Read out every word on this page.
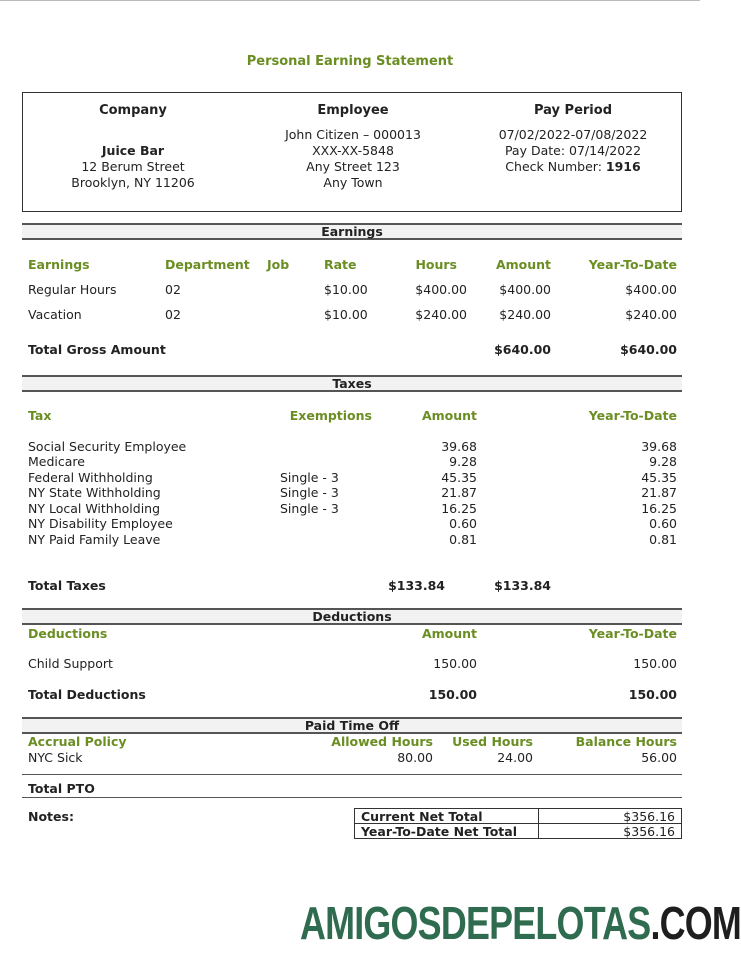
Personal Earning Statement
Company
Juice Bar
12 Berum Street
Brooklyn, NY 11206
Employee
John Citizen – 000013
XXX-XX-5848
Any Street 123
Any Town
Pay Period
07/02/2022-07/08/2022
Pay Date: 07/14/2022
Check Number: 1916
Earnings
Earnings	Department Job	Rate	Hours	Amount	Year-To-Date
Regular Hours	02	$10.00	$400.00	$400.00	$400.00
Vacation	02	$10.00	$240.00	$240.00	$240.00
Total Gross Amount	$640.00	$640.00
Taxes
Tax	Exemptions	Amount	Year-To-Date
Social Security Employee	39.68	39.68
Medicare	9.28	9.28
Federal Withholding	Single - 3	45.35	45.35
NY State Withholding	Single - 3	21.87	21.87
NY Local Withholding	Single - 3	16.25	16.25
NY Disability Employee	0.60	0.60
NY Paid Family Leave	0.81	0.81
Total Taxes	$133.84	$133.84
Deductions
Deductions	Amount	Year-To-Date
Child Support	150.00	150.00
Total Deductions	150.00	150.00
Paid Time Off
Accrual Policy	Allowed Hours	Used Hours	Balance Hours
NYC Sick	80.00	24.00	56.00
Total PTO
Notes:	Current Net Total	$356.16
Year-To-Date Net Total	$356.16
AMIGOSDEPELOTAS.COM
